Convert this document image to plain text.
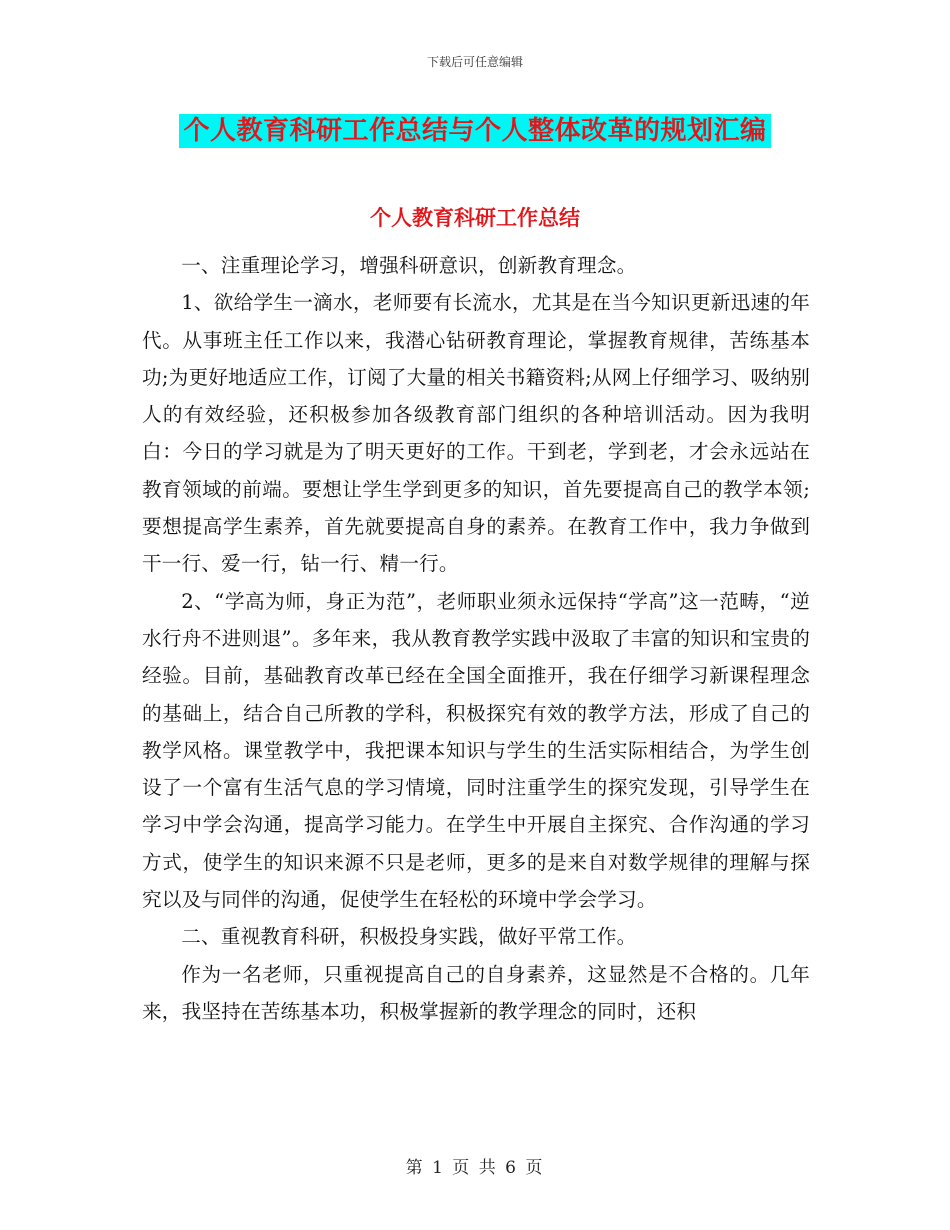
下载后可任意编辑
个人教育科研工作总结与个人整体改革的规划汇编
个人教育科研工作总结

一、注重理论学习，增强科研意识，创新教育理念。

1、欲给学生一滴水，老师要有长流水，尤其是在当今知识更新迅速的年代。从事班主任工作以来，我潜心钻研教育理论，掌握教育规律，苦练基本功;为更好地适应工作，订阅了大量的相关书籍资料;从网上仔细学习、吸纳别人的有效经验，还积极参加各级教育部门组织的各种培训活动。因为我明白：今日的学习就是为了明天更好的工作。干到老，学到老，才会永远站在教育领域的前端。要想让学生学到更多的知识，首先要提高自己的教学本领;要想提高学生素养，首先就要提高自身的素养。在教育工作中，我力争做到干一行、爱一行，钻一行、精一行。

2、“学高为师，身正为范”，老师职业须永远保持“学高”这一范畴，“逆水行舟不进则退”。多年来，我从教育教学实践中汲取了丰富的知识和宝贵的经验。目前，基础教育改革已经在全国全面推开，我在仔细学习新课程理念的基础上，结合自己所教的学科，积极探究有效的教学方法，形成了自己的教学风格。课堂教学中，我把课本知识与学生的生活实际相结合，为学生创设了一个富有生活气息的学习情境，同时注重学生的探究发现，引导学生在学习中学会沟通，提高学习能力。在学生中开展自主探究、合作沟通的学习方式，使学生的知识来源不只是老师，更多的是来自对数学规律的理解与探究以及与同伴的沟通，促使学生在轻松的环境中学会学习。

二、重视教育科研，积极投身实践，做好平常工作。

作为一名老师，只重视提高自己的自身素养，这显然是不合格的。几年来，我坚持在苦练基本功，积极掌握新的教学理念的同时，还积

第 1 页 共 6 页
